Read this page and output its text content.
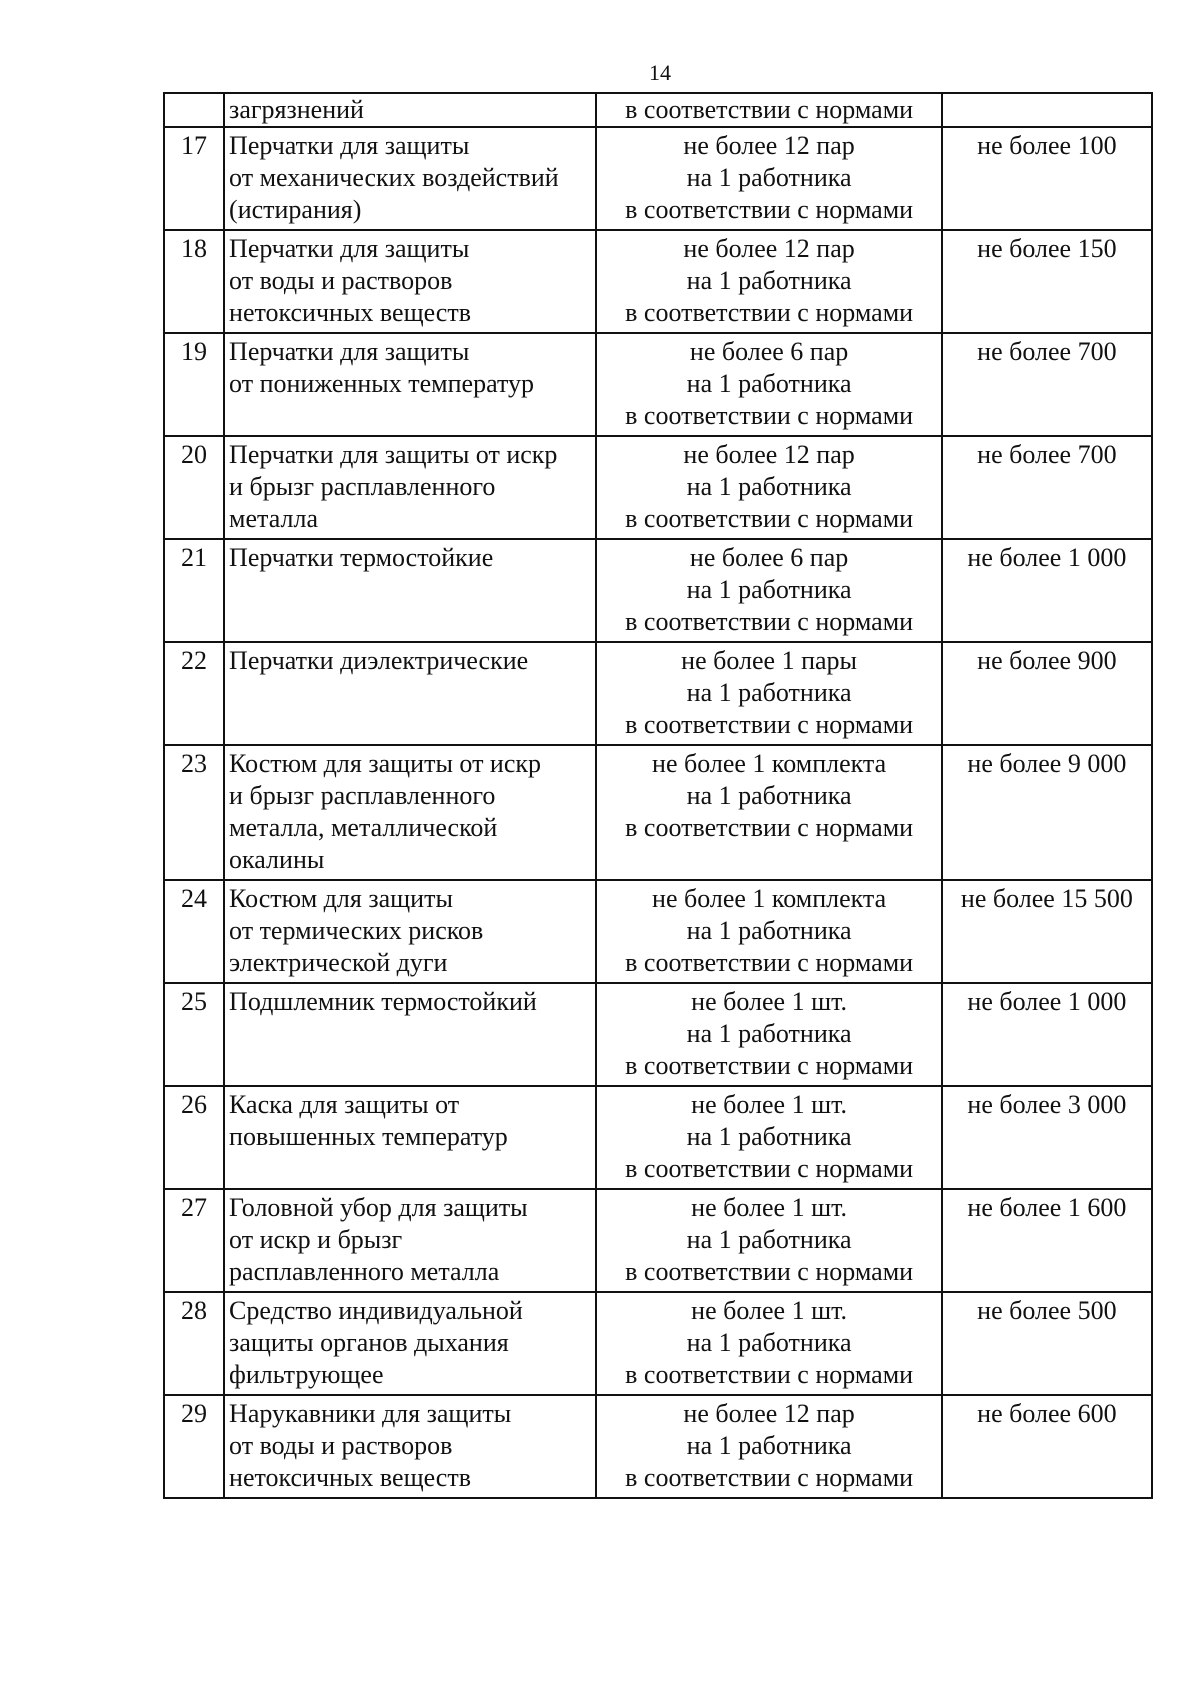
14
	загрязнений	в соответствии с нормами	
17	Перчатки для защиты
от механических воздействий
(истирания)	не более 12 пар
на 1 работника
в соответствии с нормами	не более 100
18	Перчатки для защиты
от воды и растворов
нетоксичных веществ	не более 12 пар
на 1 работника
в соответствии с нормами	не более 150
19	Перчатки для защиты
от пониженных температур	не более 6 пар
на 1 работника
в соответствии с нормами	не более 700
20	Перчатки для защиты от искр
и брызг расплавленного
металла	не более 12 пар
на 1 работника
в соответствии с нормами	не более 700
21	Перчатки термостойкие	не более 6 пар
на 1 работника
в соответствии с нормами	не более 1 000
22	Перчатки диэлектрические	не более 1 пары
на 1 работника
в соответствии с нормами	не более 900
23	Костюм для защиты от искр
и брызг расплавленного
металла, металлической
окалины	не более 1 комплекта
на 1 работника
в соответствии с нормами	не более 9 000
24	Костюм для защиты
от термических рисков
электрической дуги	не более 1 комплекта
на 1 работника
в соответствии с нормами	не более 15 500
25	Подшлемник термостойкий	не более 1 шт.
на 1 работника
в соответствии с нормами	не более 1 000
26	Каска для защиты от
повышенных температур	не более 1 шт.
на 1 работника
в соответствии с нормами	не более 3 000
27	Головной убор для защиты
от искр и брызг
расплавленного металла	не более 1 шт.
на 1 работника
в соответствии с нормами	не более 1 600
28	Средство индивидуальной
защиты органов дыхания
фильтрующее	не более 1 шт.
на 1 работника
в соответствии с нормами	не более 500
29	Нарукавники для защиты
от воды и растворов
нетоксичных веществ	не более 12 пар
на 1 работника
в соответствии с нормами	не более 600
